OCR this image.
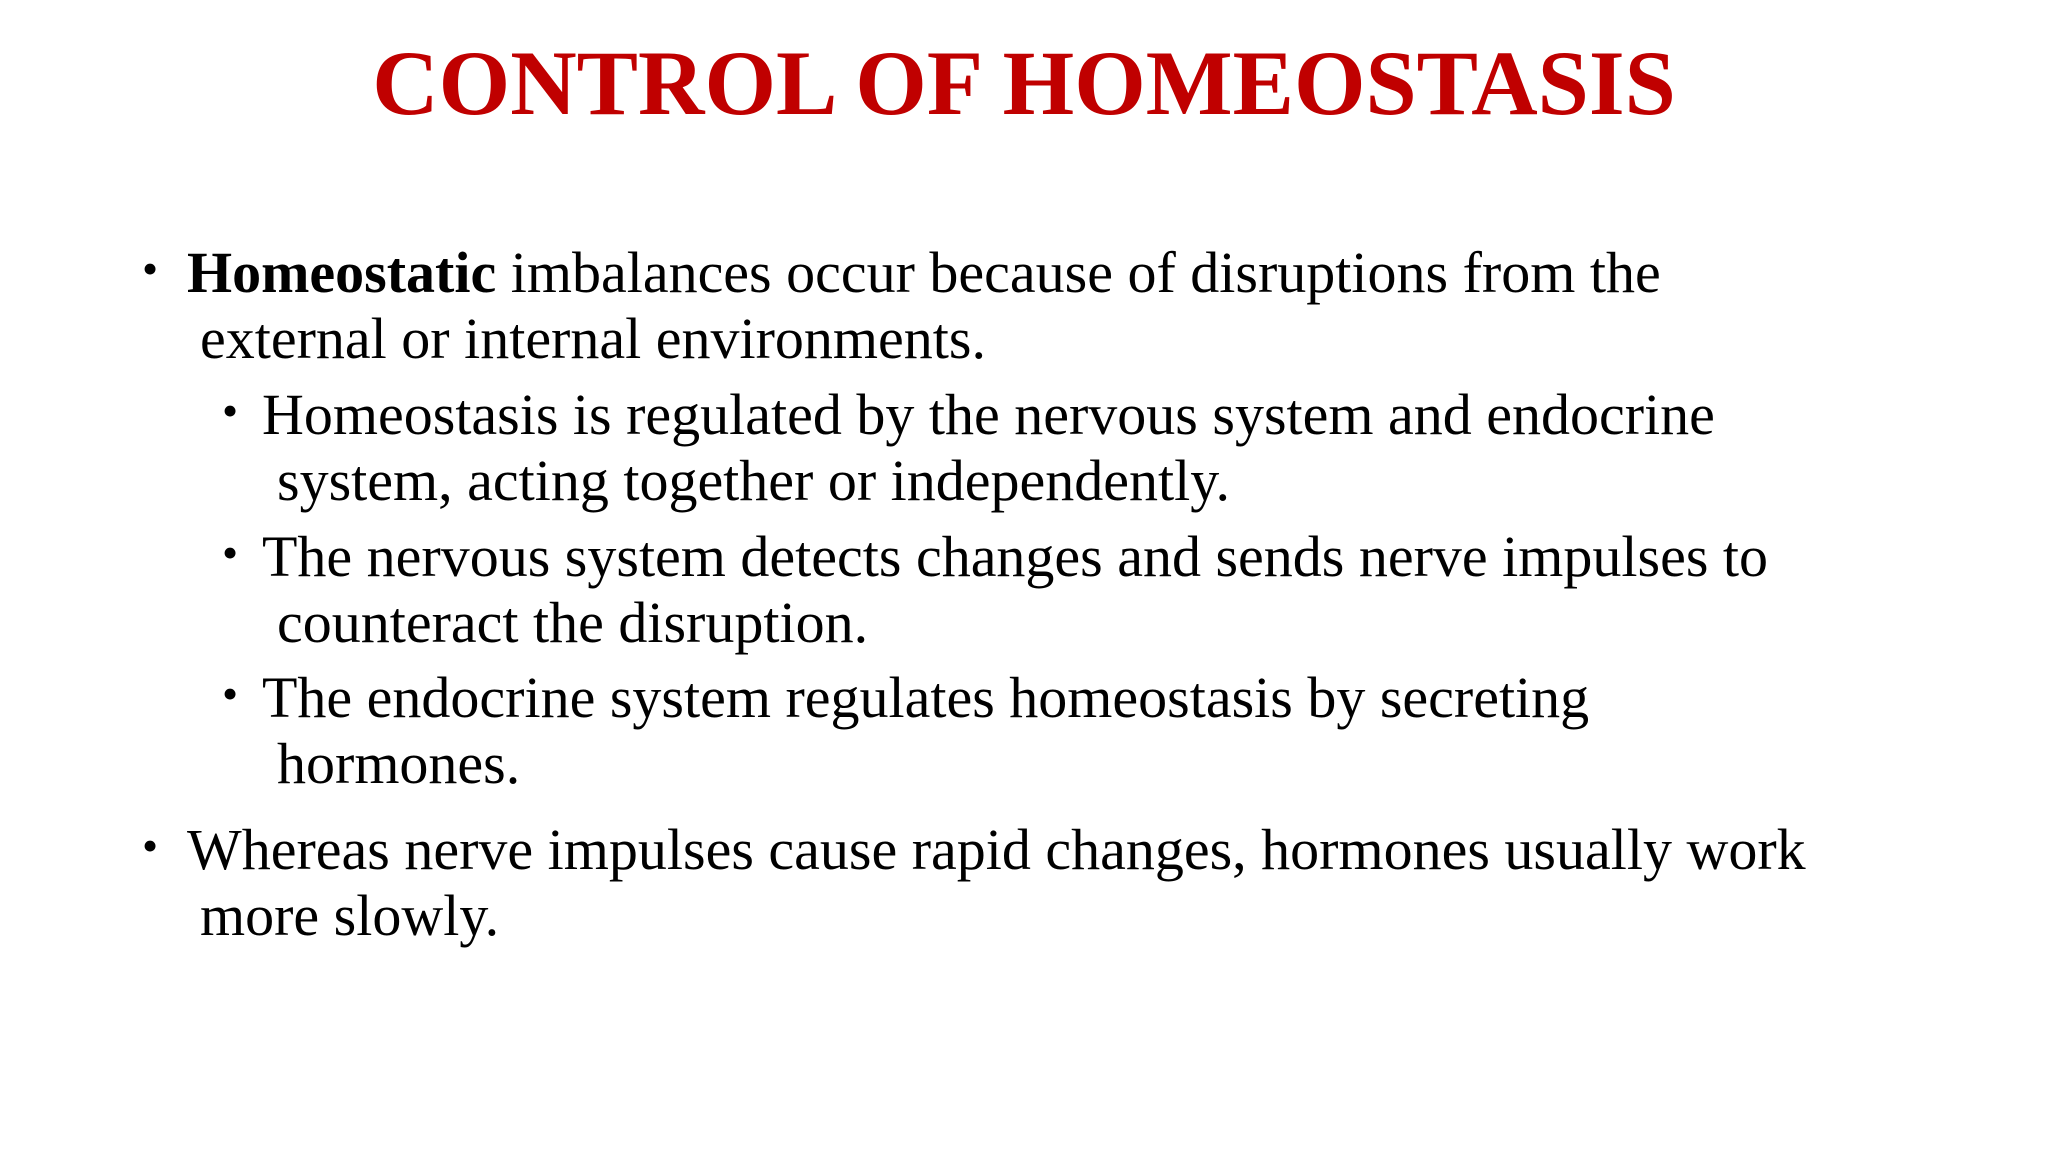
CONTROL OF HOMEOSTASIS
• Homeostatic imbalances occur because of disruptions from the
external or internal environments.
• Homeostasis is regulated by the nervous system and endocrine
system, acting together or independently.
• The nervous system detects changes and sends nerve impulses to
counteract the disruption.
• The endocrine system regulates homeostasis by secreting
hormones.
• Whereas nerve impulses cause rapid changes, hormones usually work
more slowly.
